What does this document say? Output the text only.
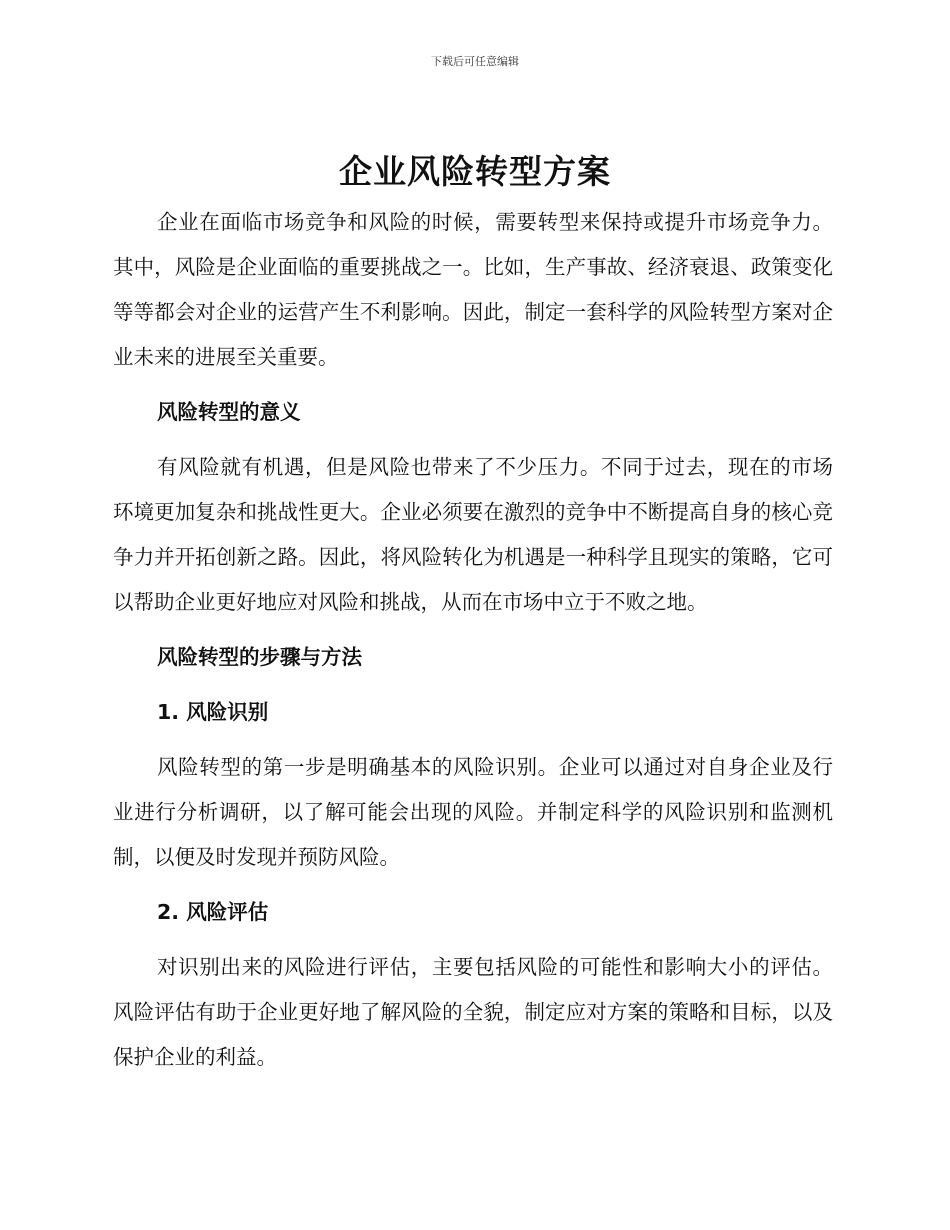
下载后可任意编辑
企业风险转型方案

企业在面临市场竞争和风险的时候，需要转型来保持或提升市场竞争力。其中，风险是企业面临的重要挑战之一。比如，生产事故、经济衰退、政策变化等等都会对企业的运营产生不利影响。因此，制定一套科学的风险转型方案对企业未来的进展至关重要。

风险转型的意义

有风险就有机遇，但是风险也带来了不少压力。不同于过去，现在的市场环境更加复杂和挑战性更大。企业必须要在激烈的竞争中不断提高自身的核心竞争力并开拓创新之路。因此，将风险转化为机遇是一种科学且现实的策略，它可以帮助企业更好地应对风险和挑战，从而在市场中立于不败之地。

风险转型的步骤与方法
1. 风险识别

风险转型的第一步是明确基本的风险识别。企业可以通过对自身企业及行业进行分析调研，以了解可能会出现的风险。并制定科学的风险识别和监测机制，以便及时发现并预防风险。

2. 风险评估

对识别出来的风险进行评估，主要包括风险的可能性和影响大小的评估。风险评估有助于企业更好地了解风险的全貌，制定应对方案的策略和目标，以及保护企业的利益。
